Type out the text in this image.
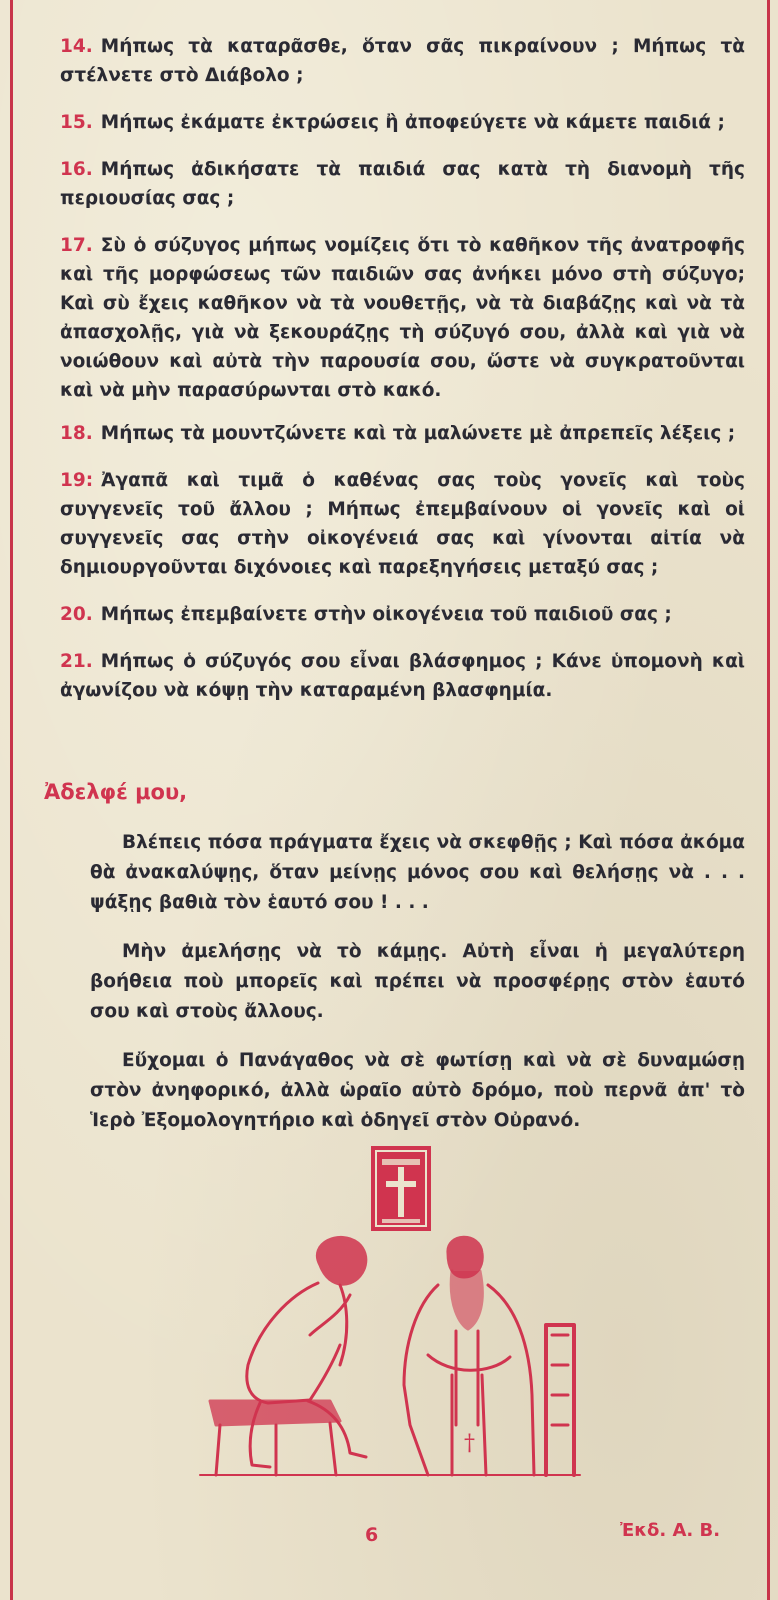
14. Μήπως τὰ καταρᾶσθε, ὅταν σᾶς πικραίνουν ; Μήπως τὰ στέλνετε στὸ Διάβολο ;

15. Μήπως ἐκάματε ἐκτρώσεις ἢ ἀποφεύγετε νὰ κάμετε παιδιά ;

16. Μήπως ἀδικήσατε τὰ παιδιά σας κατὰ τὴ διανομὴ τῆς περιουσίας σας ;

17. Σὺ ὁ σύζυγος μήπως νομίζεις ὅτι τὸ καθῆκον τῆς ἀνατροφῆς καὶ τῆς μορφώσεως τῶν παιδιῶν σας ἀνήκει μόνο στὴ σύζυγο; Καὶ σὺ ἔχεις καθῆκον νὰ τὰ νουθετῇς, νὰ τὰ διαβάζῃς καὶ νὰ τὰ ἀπασχολῇς, γιὰ νὰ ξεκουράζῃς τὴ σύζυγό σου, ἀλλὰ καὶ γιὰ νὰ νοιώθουν καὶ αὐτὰ τὴν παρουσία σου, ὥστε νὰ συγκρατοῦνται καὶ νὰ μὴν παρασύρωνται στὸ κακό.

18. Μήπως τὰ μουντζώνετε καὶ τὰ μαλώνετε μὲ ἀπρεπεῖς λέξεις ;

19: Ἀγαπᾶ καὶ τιμᾶ ὁ καθένας σας τοὺς γονεῖς καὶ τοὺς συγγενεῖς τοῦ ἄλλου ; Μήπως ἐπεμβαίνουν οἱ γονεῖς καὶ οἱ συγγενεῖς σας στὴν οἰκογένειά σας καὶ γίνονται αἰτία νὰ δημιουργοῦνται διχόνοιες καὶ παρεξηγήσεις μεταξύ σας ;

20. Μήπως ἐπεμβαίνετε στὴν οἰκογένεια τοῦ παιδιοῦ σας ;

21. Μήπως ὁ σύζυγός σου εἶναι βλάσφημος ; Κάνε ὑπομονὴ καὶ ἀγωνίζου νὰ κόψῃ τὴν καταραμένη βλασφημία.

Ἀδελφέ μου,

Βλέπεις πόσα πράγματα ἔχεις νὰ σκεφθῇς ; Καὶ πόσα ἀκόμα θὰ ἀνακαλύψῃς, ὅταν μείνῃς μόνος σου καὶ θελήσῃς νὰ . . . ψάξῃς βαθιὰ τὸν ἑαυτό σου ! . . .

Μὴν ἀμελήσῃς νὰ τὸ κάμῃς. Αὐτὴ εἶναι ἡ μεγαλύτερη βοήθεια ποὺ μπορεῖς καὶ πρέπει νὰ προσφέρῃς στὸν ἑαυτό σου καὶ στοὺς ἄλλους.

Εὔχομαι ὁ Πανάγαθος νὰ σὲ φωτίσῃ καὶ νὰ σὲ δυναμώσῃ στὸν ἀνηφορικό, ἀλλὰ ὡραῖο αὐτὸ δρόμο, ποὺ περνᾶ ἀπ' τὸ Ἱερὸ Ἐξομολογητήριο καὶ ὁδηγεῖ στὸν Οὐρανό.

†
6	Ἐκδ. Α. Β.
